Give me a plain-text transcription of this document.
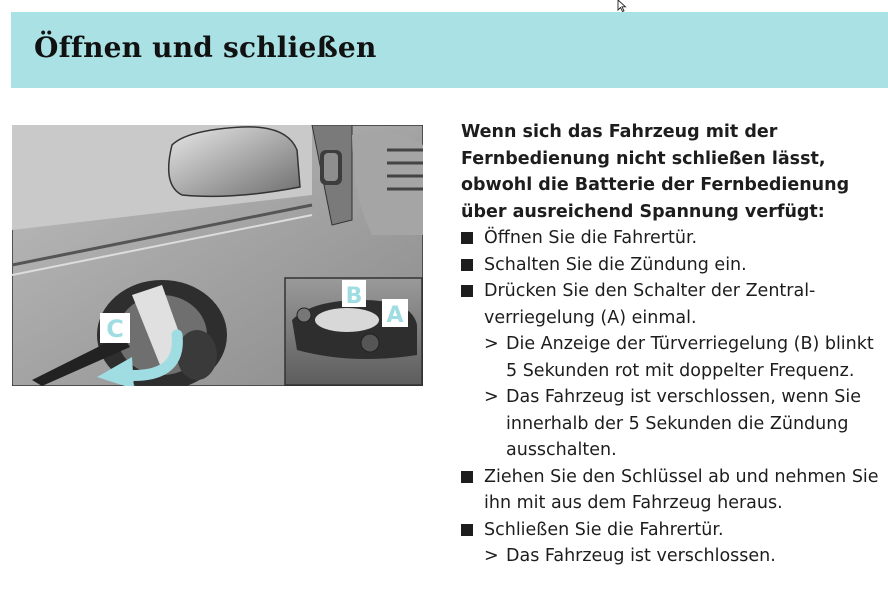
Öffnen und schließen
C
B
A

Wenn sich das Fahrzeug mit der Fernbedienung nicht schließen lässt, obwohl die Batterie der Fernbedienung über ausreichend Spannung verfügt:

Öffnen Sie die Fahrertür.
Schalten Sie die Zündung ein.
Drücken Sie den Schalter der Zentral-verriegelung (A) einmal.
> Die Anzeige der Türverriegelung (B) blinkt 5 Sekunden rot mit doppelter Frequenz.
> Das Fahrzeug ist verschlossen, wenn Sie innerhalb der 5 Sekunden die Zündung ausschalten.
Ziehen Sie den Schlüssel ab und nehmen Sie ihn mit aus dem Fahrzeug heraus.
Schließen Sie die Fahrertür.
> Das Fahrzeug ist verschlossen.
